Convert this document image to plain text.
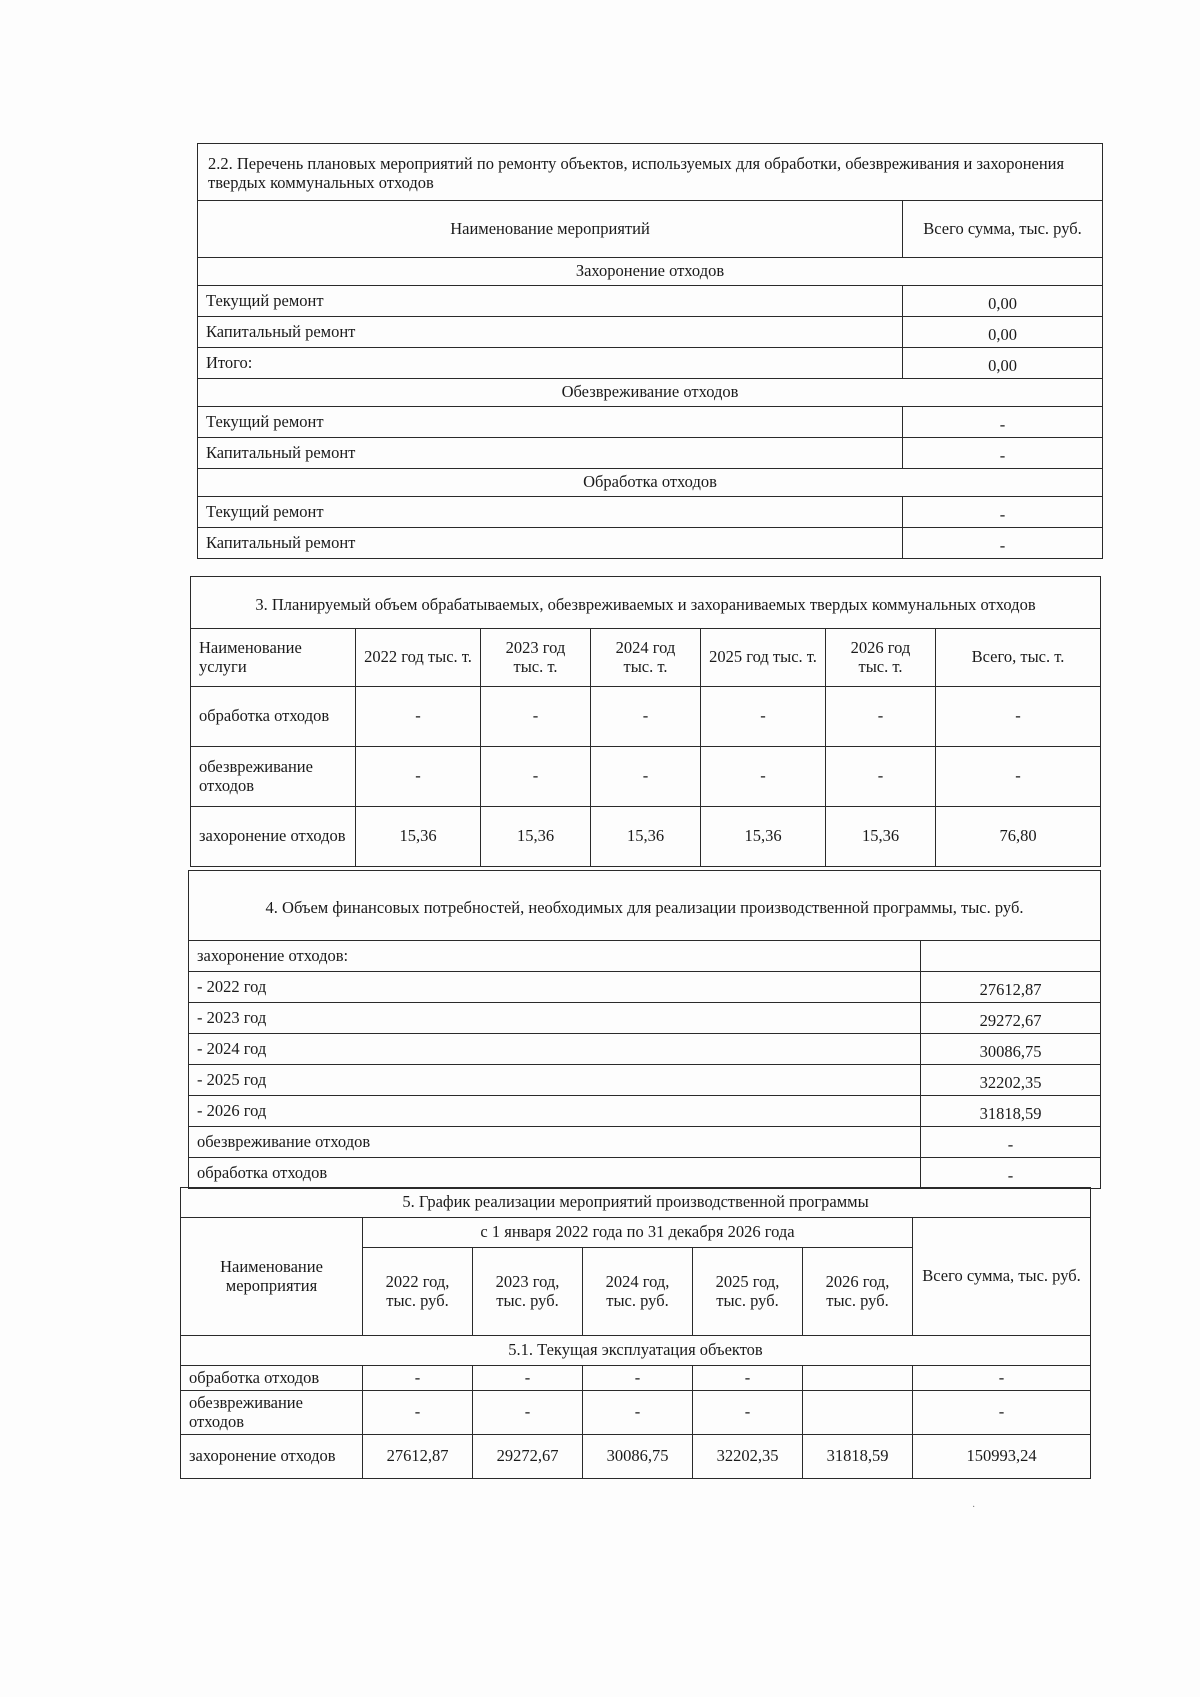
2.2. Перечень плановых мероприятий по ремонту объектов, используемых для обработки, обезвреживания и захоронения твердых коммунальных отходов	
Наименование мероприятий	Всего сумма, тыс. руб.
Захоронение отходов	
Текущий ремонт	0,00
Капитальный ремонт	0,00
Итого:	0,00
Обезвреживание отходов	
Текущий ремонт	-
Капитальный ремонт	-
Обработка отходов	
Текущий ремонт	-
Капитальный ремонт	-
3. Планируемый объем обрабатываемых, обезвреживаемых и захораниваемых твердых коммунальных отходов						
Наименование услуги	2022 год тыс. т.	2023 год тыс. т.	2024 год тыс. т.	2025 год тыс. т.	2026 год тыс. т.	Всего, тыс. т.
обработка отходов	-	-	-	-	-	-
обезвреживание отходов	-	-	-	-	-	-
захоронение отходов	15,36	15,36	15,36	15,36	15,36	76,80
4. Объем финансовых потребностей, необходимых для реализации производственной программы, тыс. руб.	
захоронение отходов:	
- 2022 год	27612,87
- 2023 год	29272,67
- 2024 год	30086,75
- 2025 год	32202,35
- 2026 год	31818,59
обезвреживание отходов	-
обработка отходов	-
5. График реализации мероприятий производственной программы						
Наименование мероприятия	с 1 января 2022 года по 31 декабря 2026 года					Всего сумма, тыс. руб.
	2022 год, тыс. руб.	2023 год, тыс. руб.	2024 год, тыс. руб.	2025 год, тыс. руб.	2026 год, тыс. руб.	
5.1. Текущая эксплуатация объектов						
обработка отходов	-	-	-	-		-
обезвреживание отходов	-	-	-	-		-
захоронение отходов	27612,87	29272,67	30086,75	32202,35	31818,59	150993,24
·
